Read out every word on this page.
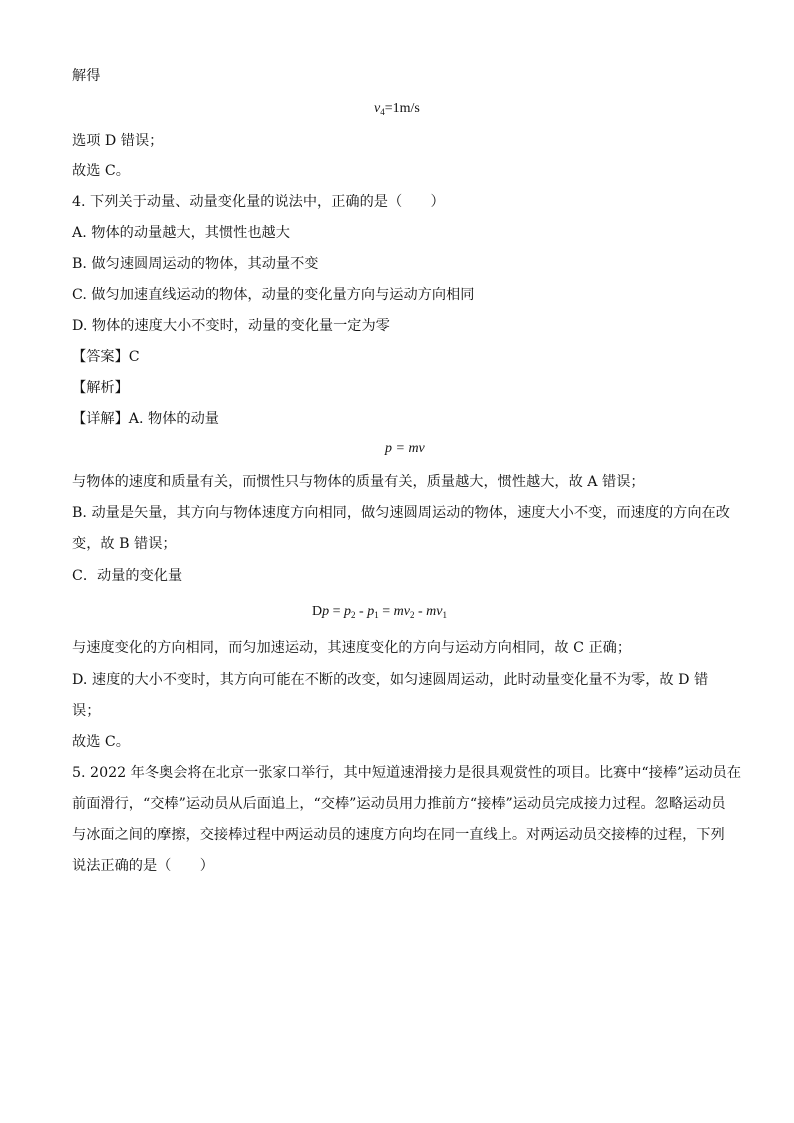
解得
$v_4=1m/s$
选项 D 错误；
故选 C。
4. 下列关于动量、动量变化量的说法中，正确的是（　　）
A. 物体的动量越大，其惯性也越大
B. 做匀速圆周运动的物体，其动量不变
C. 做匀加速直线运动的物体，动量的变化量方向与运动方向相同
D. 物体的速度大小不变时，动量的变化量一定为零
【答案】C
【解析】
【详解】A. 物体的动量
p = mv
与物体的速度和质量有关，而惯性只与物体的质量有关，质量越大，惯性越大，故 A 错误；
B. 动量是矢量，其方向与物体速度方向相同，做匀速圆周运动的物体，速度大小不变，而速度的方向在改
变，故 B 错误；
C．动量的变化量
$Dp = p_2 - p_1 = mv_2 - mv_1$
与速度变化的方向相同，而匀加速运动，其速度变化的方向与运动方向相同，故 C 正确；
D. 速度的大小不变时，其方向可能在不断的改变，如匀速圆周运动，此时动量变化量不为零，故 D 错
误；
故选 C。
5. 2022 年冬奥会将在北京一张家口举行，其中短道速滑接力是很具观赏性的项目。比赛中“接棒”运动员在
前面滑行，“交棒”运动员从后面追上，“交棒”运动员用力推前方“接棒”运动员完成接力过程。忽略运动员
与冰面之间的摩擦，交接棒过程中两运动员的速度方向均在同一直线上。对两运动员交接棒的过程，下列
说法正确的是（　　）
